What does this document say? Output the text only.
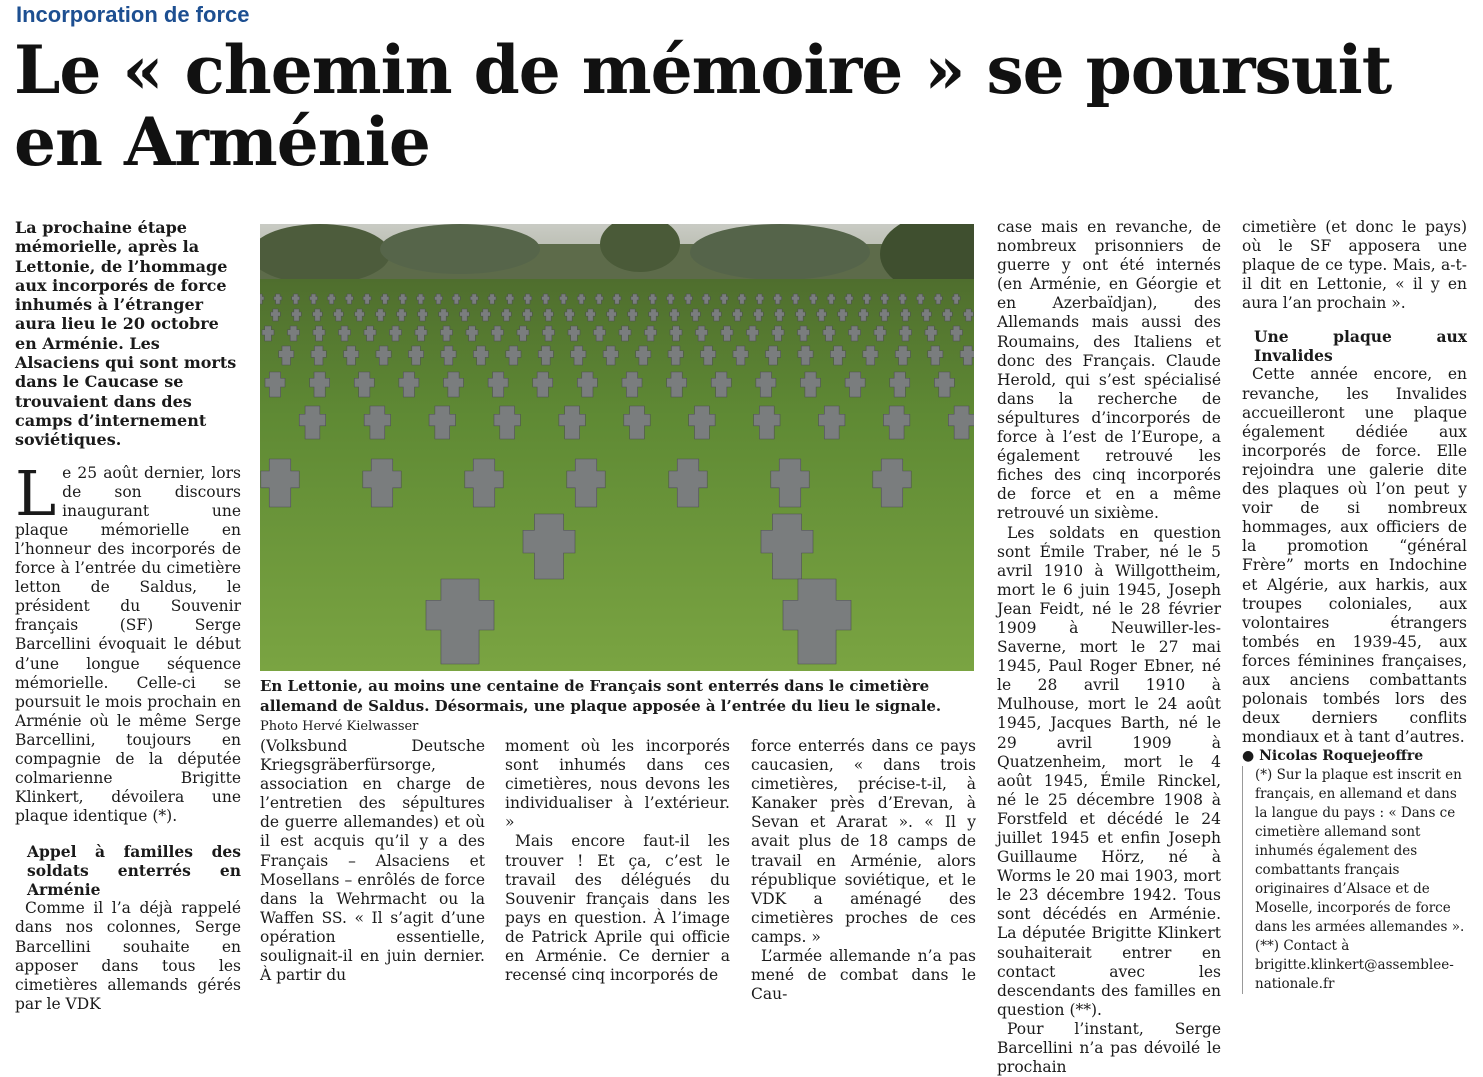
Incorporation de force
Le « chemin de mémoire » se poursuit
en Arménie

La prochaine étape mémorielle, après la Lettonie, de l’hommage aux incorporés de force inhumés à l’étranger aura lieu le 20 octobre en Arménie. Les Alsaciens qui sont morts dans le Caucase se trouvaient dans des camps d’internement soviétiques.

Le 25 août dernier, lors de son discours inaugurant une plaque mémorielle en l’honneur des incorporés de force à l’entrée du cimetière letton de Saldus, le président du Souvenir français (SF) Serge Barcellini évoquait le début d’une longue séquence mémorielle. Celle-ci se poursuit le mois prochain en Arménie où le même Serge Barcellini, toujours en compagnie de la députée colmarienne Brigitte Klinkert, dévoilera une plaque identique (*).

Appel à familles des soldats enterrés en Arménie

Comme il l’a déjà rappelé dans nos colonnes, Serge Barcellini souhaite en apposer dans tous les cimetières allemands gérés par le VDK

En Lettonie, au moins une centaine de Français sont enterrés dans le cimetière allemand de Saldus. Désormais, une plaque apposée à l’entrée du lieu le signale. Photo Hervé Kielwasser

(Volksbund Deutsche Kriegsgräberfürsorge, association en charge de l’entretien des sépultures de guerre allemandes) et où il est acquis qu’il y a des Français – Alsaciens et Mosellans – enrôlés de force dans la Wehrmacht ou la Waffen SS. « Il s’agit d’une opération essentielle, soulignait-il en juin dernier. À partir du

moment où les incorporés sont inhumés dans ces cimetières, nous devons les individualiser à l’extérieur. »

Mais encore faut-il les trouver ! Et ça, c’est le travail des délégués du Souvenir français dans les pays en question. À l’image de Patrick Aprile qui officie en Arménie. Ce dernier a recensé cinq incorporés de

force enterrés dans ce pays caucasien, « dans trois cimetières, précise-t-il, à Kanaker près d’Erevan, à Sevan et Ararat ». « Il y avait plus de 18 camps de travail en Arménie, alors république soviétique, et le VDK a aménagé des cimetières proches de ces camps. »

L’armée allemande n’a pas mené de combat dans le Cau-

case mais en revanche, de nombreux prisonniers de guerre y ont été internés (en Arménie, en Géorgie et en Azerbaïdjan), des Allemands mais aussi des Roumains, des Italiens et donc des Français. Claude Herold, qui s’est spécialisé dans la recherche de sépultures d’incorporés de force à l’est de l’Europe, a également retrouvé les fiches des cinq incorporés de force et en a même retrouvé un sixième.

Les soldats en question sont Émile Traber, né le 5 avril 1910 à Willgottheim, mort le 6 juin 1945, Joseph Jean Feidt, né le 28 février 1909 à Neuwiller-les-Saverne, mort le 27 mai 1945, Paul Roger Ebner, né le 28 avril 1910 à Mulhouse, mort le 24 août 1945, Jacques Barth, né le 29 avril 1909 à Quatzenheim, mort le 4 août 1945, Émile Rinckel, né le 25 décembre 1908 à Forstfeld et décédé le 24 juillet 1945 et enfin Joseph Guillaume Hörz, né à Worms le 20 mai 1903, mort le 23 décembre 1942. Tous sont décédés en Arménie. La députée Brigitte Klinkert souhaiterait entrer en contact avec les descendants des familles en question (**).

Pour l’instant, Serge Barcellini n’a pas dévoilé le prochain

cimetière (et donc le pays) où le SF apposera une plaque de ce type. Mais, a-t-il dit en Lettonie, « il y en aura l’an prochain ».

Une plaque aux Invalides

Cette année encore, en revanche, les Invalides accueilleront une plaque également dédiée aux incorporés de force. Elle rejoindra une galerie dite des plaques où l’on peut y voir de si nombreux hommages, aux officiers de la promotion “général Frère” morts en Indochine et Algérie, aux harkis, aux troupes coloniales, aux volontaires étrangers tombés en 1939-45, aux forces féminines françaises, aux anciens combattants polonais tombés lors des deux derniers conflits mondiaux et à tant d’autres.

● Nicolas Roquejeoffre

(*) Sur la plaque est inscrit en français, en allemand et dans la langue du pays : « Dans ce cimetière allemand sont inhumés également des combattants français originaires d’Alsace et de Moselle, incorporés de force dans les armées allemandes ».

(**) Contact à brigitte.klinkert@assemblee-nationale.fr
